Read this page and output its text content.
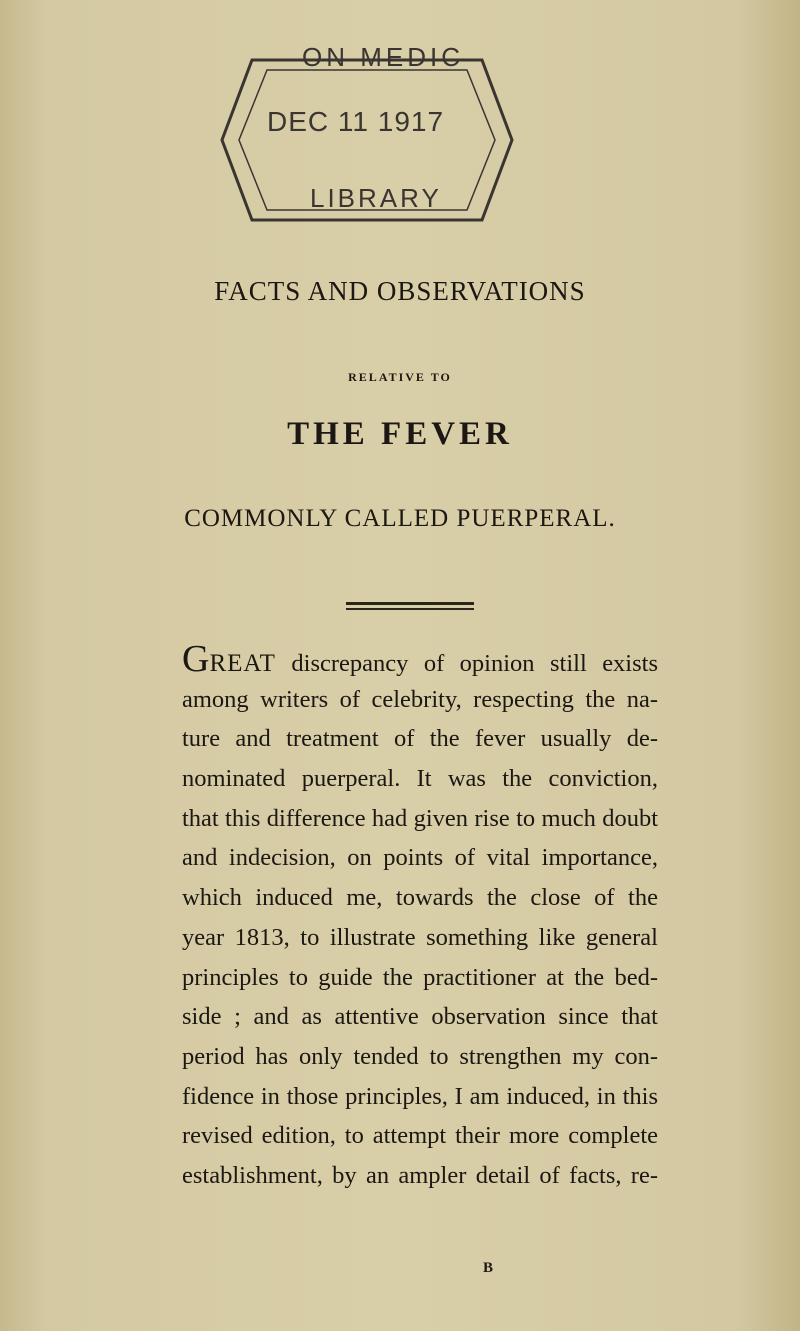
ON MEDIC
DEC 11 1917
LIBRARY
FACTS AND OBSERVATIONS
RELATIVE TO
THE FEVER
COMMONLY CALLED PUERPERAL.
GREAT discrepancy of opinion still exists
among writers of celebrity, respecting the na-
ture and treatment of the fever usually de-
nominated puerperal. It was the conviction,
that this difference had given rise to much doubt
and indecision, on points of vital importance,
which induced me, towards the close of the
year 1813, to illustrate something like general
principles to guide the practitioner at the bed-
side ; and as attentive observation since that
period has only tended to strengthen my con-
fidence in those principles, I am induced, in this
revised edition, to attempt their more complete
establishment, by an ampler detail of facts, re-
B
